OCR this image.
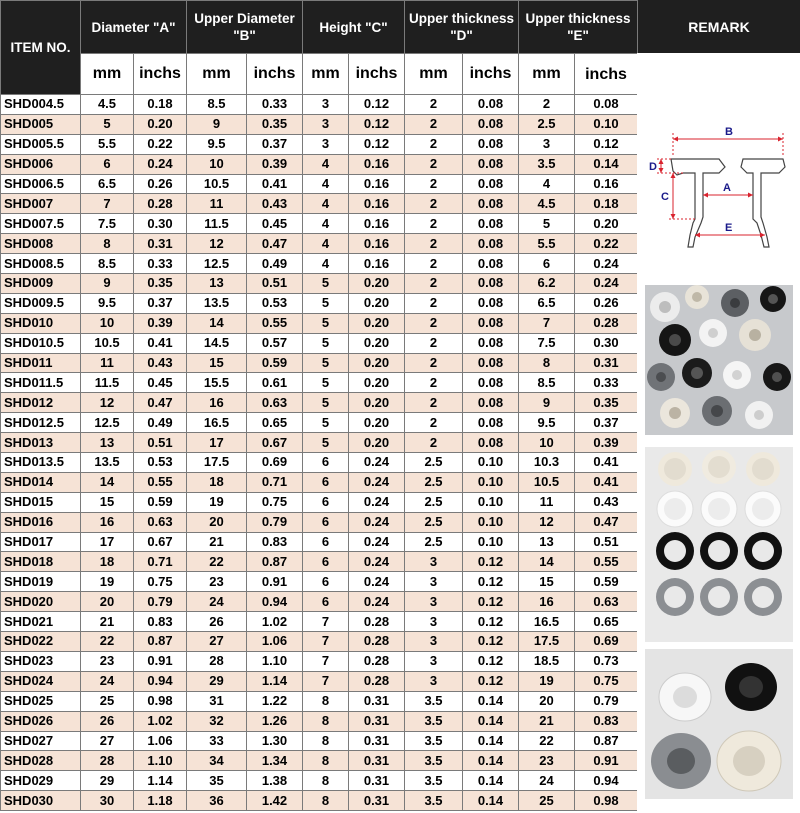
ITEM NO.	Diameter "A"		Upper Diameter "B"		Height "C"		Upper thickness "D"		Upper thickness "E"	
	mm	inchs	mm	inchs	mm	inchs	mm	inchs	mm	inchs
SHD004.5	4.5	0.18	8.5	0.33	3	0.12	2	0.08	2	0.08
SHD005	5	0.20	9	0.35	3	0.12	2	0.08	2.5	0.10
SHD005.5	5.5	0.22	9.5	0.37	3	0.12	2	0.08	3	0.12
SHD006	6	0.24	10	0.39	4	0.16	2	0.08	3.5	0.14
SHD006.5	6.5	0.26	10.5	0.41	4	0.16	2	0.08	4	0.16
SHD007	7	0.28	11	0.43	4	0.16	2	0.08	4.5	0.18
SHD007.5	7.5	0.30	11.5	0.45	4	0.16	2	0.08	5	0.20
SHD008	8	0.31	12	0.47	4	0.16	2	0.08	5.5	0.22
SHD008.5	8.5	0.33	12.5	0.49	4	0.16	2	0.08	6	0.24
SHD009	9	0.35	13	0.51	5	0.20	2	0.08	6.2	0.24
SHD009.5	9.5	0.37	13.5	0.53	5	0.20	2	0.08	6.5	0.26
SHD010	10	0.39	14	0.55	5	0.20	2	0.08	7	0.28
SHD010.5	10.5	0.41	14.5	0.57	5	0.20	2	0.08	7.5	0.30
SHD011	11	0.43	15	0.59	5	0.20	2	0.08	8	0.31
SHD011.5	11.5	0.45	15.5	0.61	5	0.20	2	0.08	8.5	0.33
SHD012	12	0.47	16	0.63	5	0.20	2	0.08	9	0.35
SHD012.5	12.5	0.49	16.5	0.65	5	0.20	2	0.08	9.5	0.37
SHD013	13	0.51	17	0.67	5	0.20	2	0.08	10	0.39
SHD013.5	13.5	0.53	17.5	0.69	6	0.24	2.5	0.10	10.3	0.41
SHD014	14	0.55	18	0.71	6	0.24	2.5	0.10	10.5	0.41
SHD015	15	0.59	19	0.75	6	0.24	2.5	0.10	11	0.43
SHD016	16	0.63	20	0.79	6	0.24	2.5	0.10	12	0.47
SHD017	17	0.67	21	0.83	6	0.24	2.5	0.10	13	0.51
SHD018	18	0.71	22	0.87	6	0.24	3	0.12	14	0.55
SHD019	19	0.75	23	0.91	6	0.24	3	0.12	15	0.59
SHD020	20	0.79	24	0.94	6	0.24	3	0.12	16	0.63
SHD021	21	0.83	26	1.02	7	0.28	3	0.12	16.5	0.65
SHD022	22	0.87	27	1.06	7	0.28	3	0.12	17.5	0.69
SHD023	23	0.91	28	1.10	7	0.28	3	0.12	18.5	0.73
SHD024	24	0.94	29	1.14	7	0.28	3	0.12	19	0.75
SHD025	25	0.98	31	1.22	8	0.31	3.5	0.14	20	0.79
SHD026	26	1.02	32	1.26	8	0.31	3.5	0.14	21	0.83
SHD027	27	1.06	33	1.30	8	0.31	3.5	0.14	22	0.87
SHD028	28	1.10	34	1.34	8	0.31	3.5	0.14	23	0.91
SHD029	29	1.14	35	1.38	8	0.31	3.5	0.14	24	0.94
SHD030	30	1.18	36	1.42	8	0.31	3.5	0.14	25	0.98
REMARK
B
A
E
D
C
